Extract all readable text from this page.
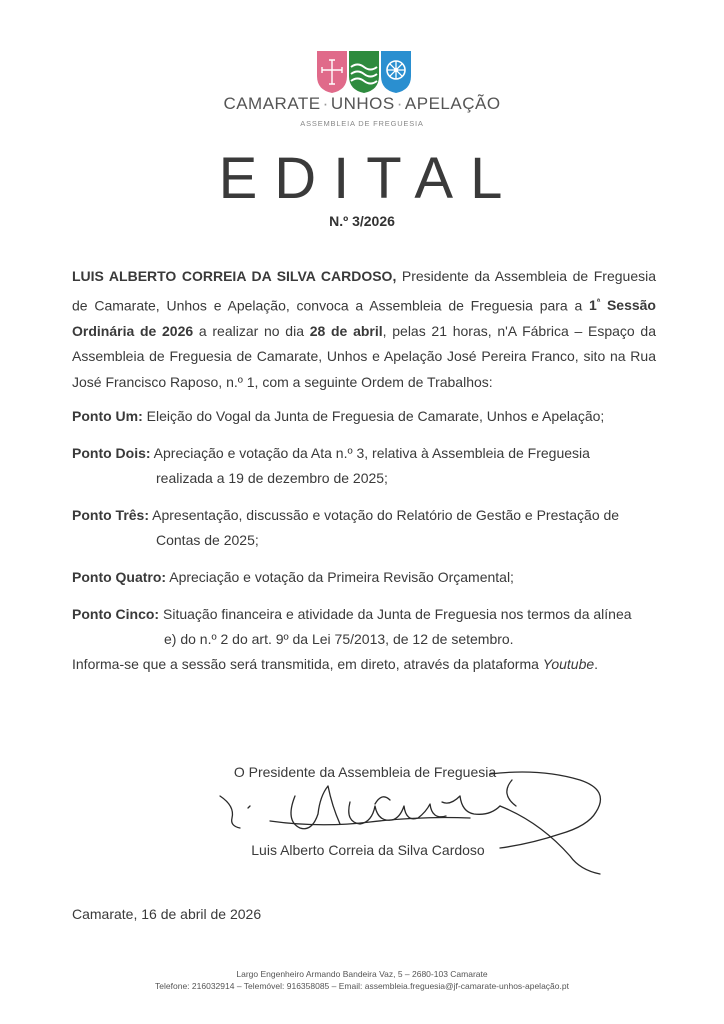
CAMARATE · UNHOS · APELAÇÃO
ASSEMBLEIA DE FREGUESIA
EDITAL
N.º 3/2026
LUIS ALBERTO CORREIA DA SILVA CARDOSO, Presidente da Assembleia de Freguesia de Camarate, Unhos e Apelação, convoca a Assembleia de Freguesia para a $1^ª$ Sessão Ordinária de 2026 a realizar no dia 28 de abril, pelas 21 horas, n'A Fábrica – Espaço da Assembleia de Freguesia de Camarate, Unhos e Apelação José Pereira Franco, sito na Rua José Francisco Raposo, n.º 1, com a seguinte Ordem de Trabalhos:
Ponto Um: Eleição do Vogal da Junta de Freguesia de Camarate, Unhos e Apelação;
Ponto Dois: Apreciação e votação da Ata n.º 3, relativa à Assembleia de Freguesia
realizada a 19 de dezembro de 2025;
Ponto Três: Apresentação, discussão e votação do Relatório de Gestão e Prestação de
Contas de 2025;
Ponto Quatro: Apreciação e votação da Primeira Revisão Orçamental;
Ponto Cinco: Situação financeira e atividade da Junta de Freguesia nos termos da alínea
e) do n.º 2 do art. 9º da Lei 75/2013, de 12 de setembro.
Informa-se que a sessão será transmitida, em direto, através da plataforma Youtube.
O Presidente da Assembleia de Freguesia
Luis Alberto Correia da Silva Cardoso
Camarate, 16 de abril de 2026
Largo Engenheiro Armando Bandeira Vaz, 5 – 2680-103 Camarate
Telefone: 216032914 – Telemóvel: 916358085 – Email: assembleia.freguesia@jf-camarate-unhos-apelação.pt
